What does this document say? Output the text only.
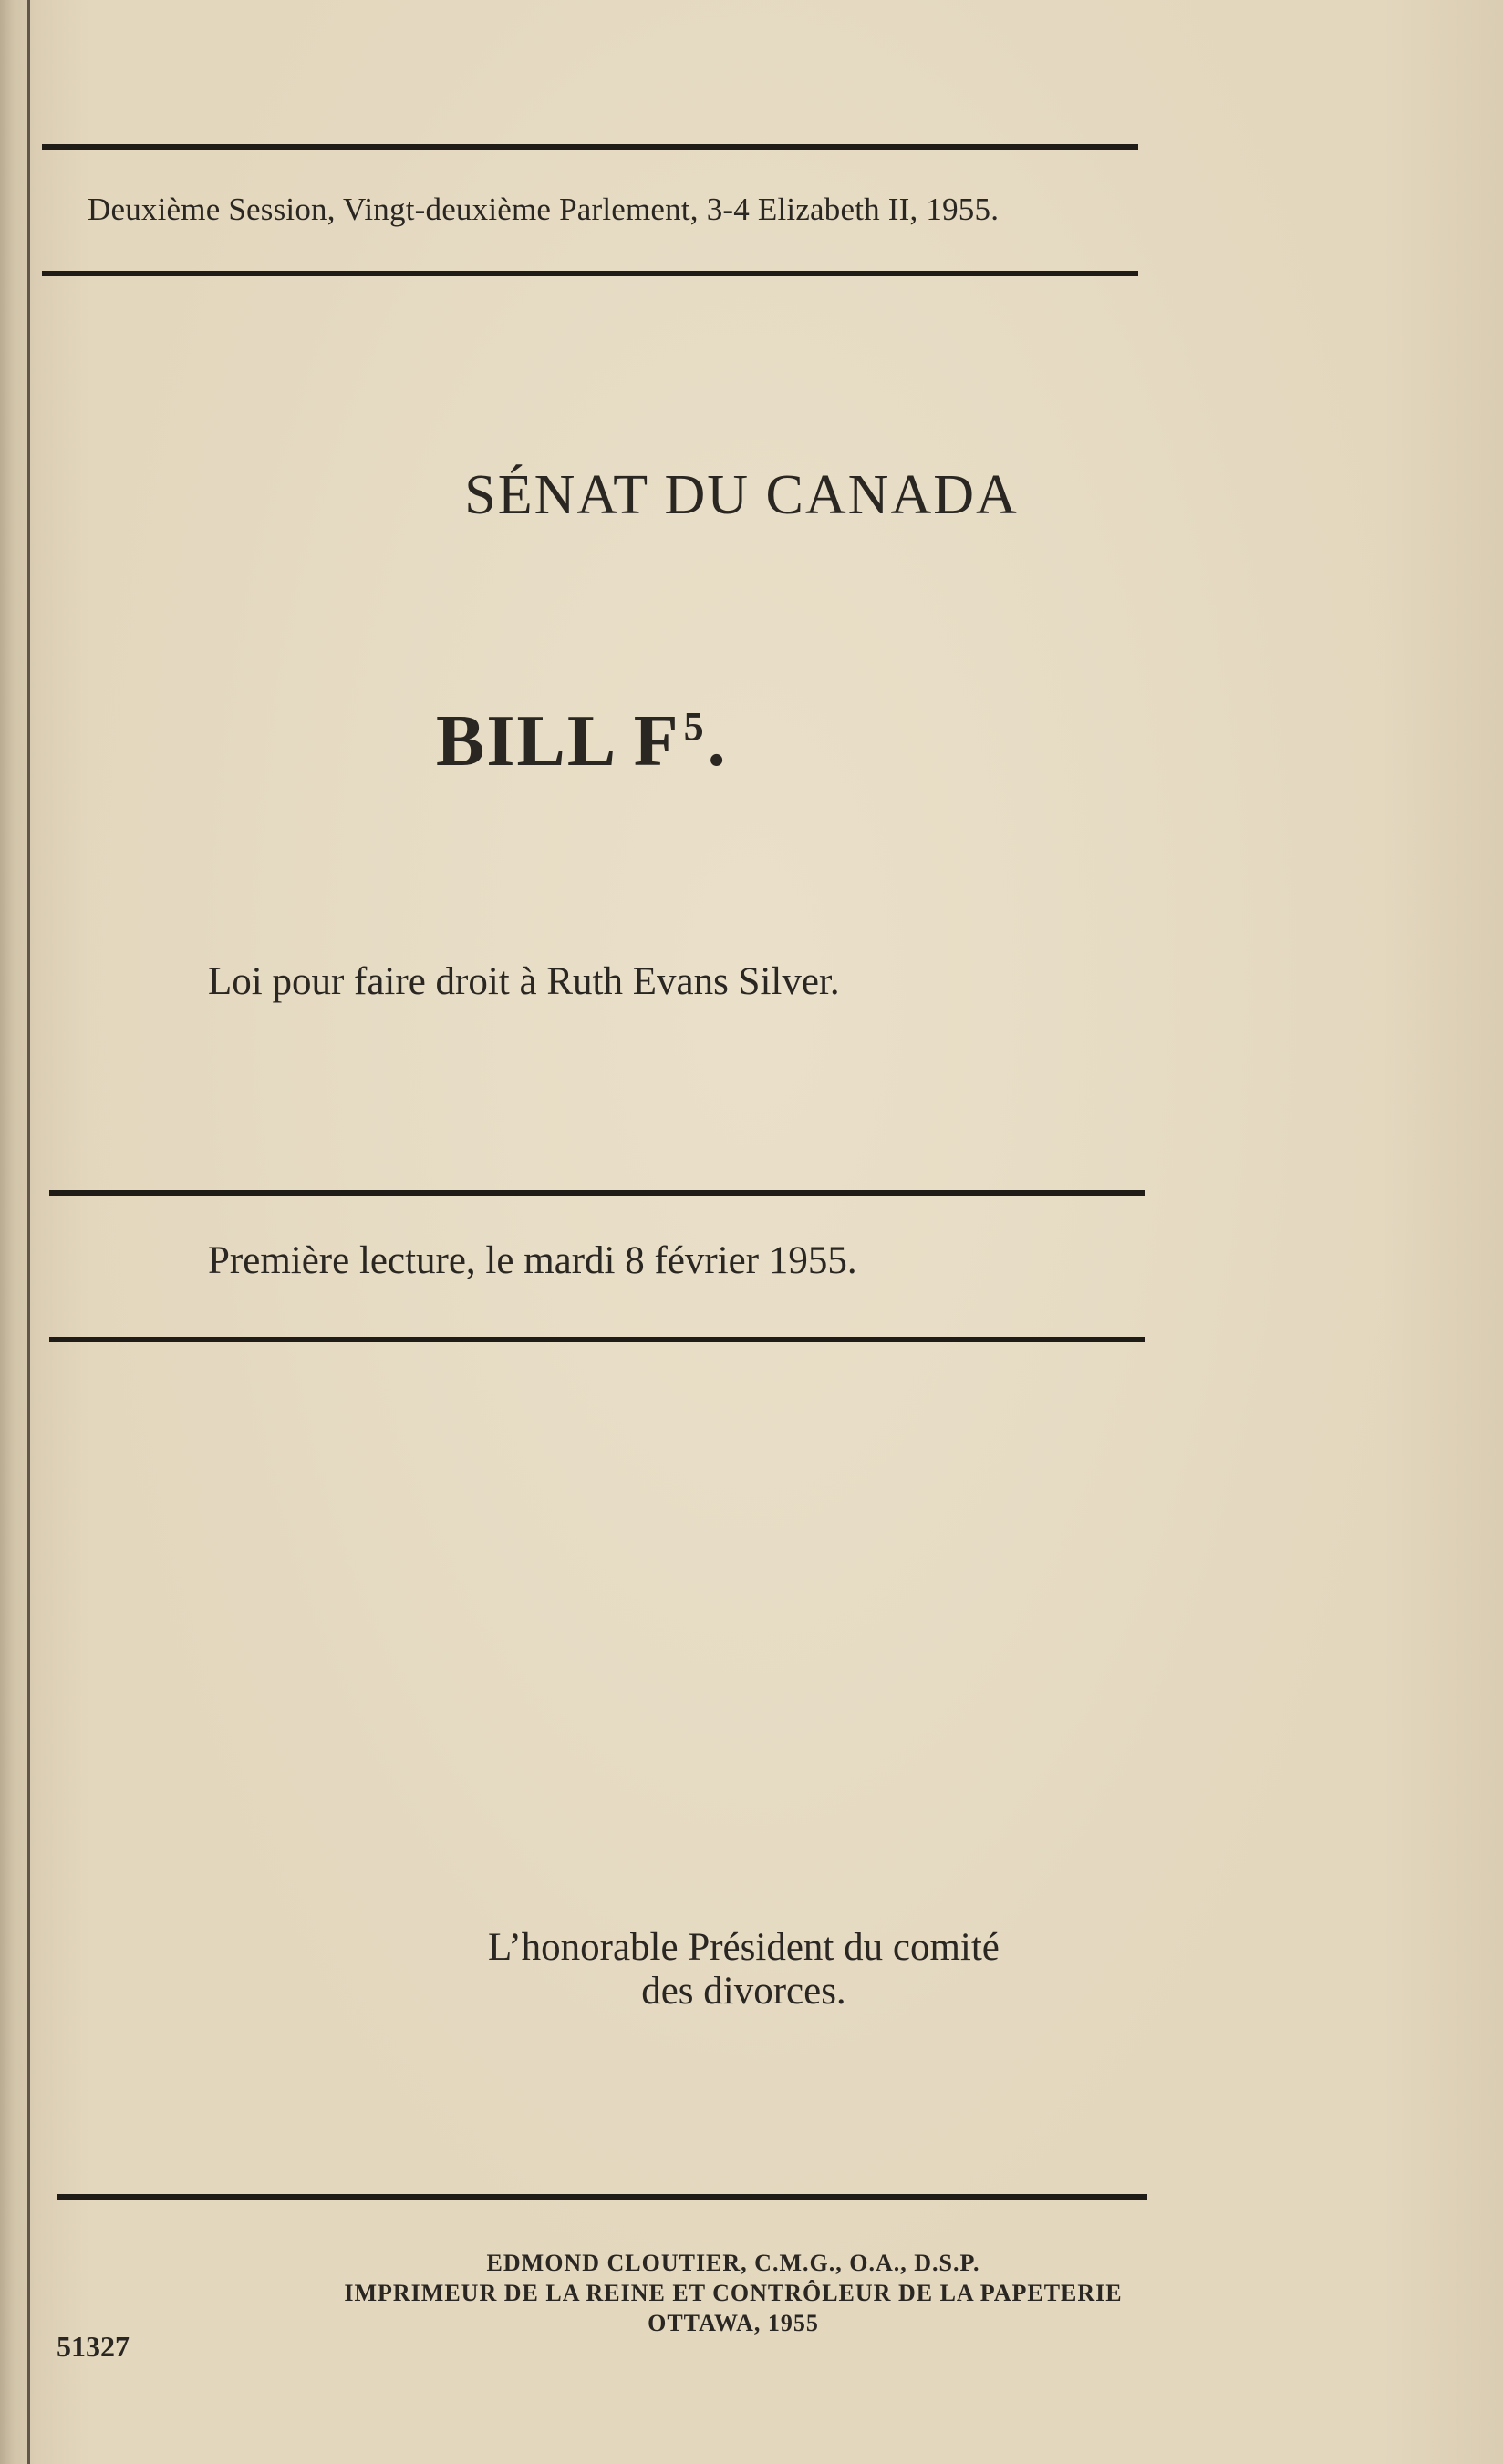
Deuxième Session, Vingt-deuxième Parlement, 3-4 Elizabeth II, 1955.
SÉNAT DU CANADA
BILL $F^5$.
Loi pour faire droit à Ruth Evans Silver.
Première lecture, le mardi 8 février 1955.
L’honorable Président du comité
des divorces.
EDMOND CLOUTIER, C.M.G., O.A., D.S.P.
IMPRIMEUR DE LA REINE ET CONTRÔLEUR DE LA PAPETERIE
OTTAWA, 1955
51327
